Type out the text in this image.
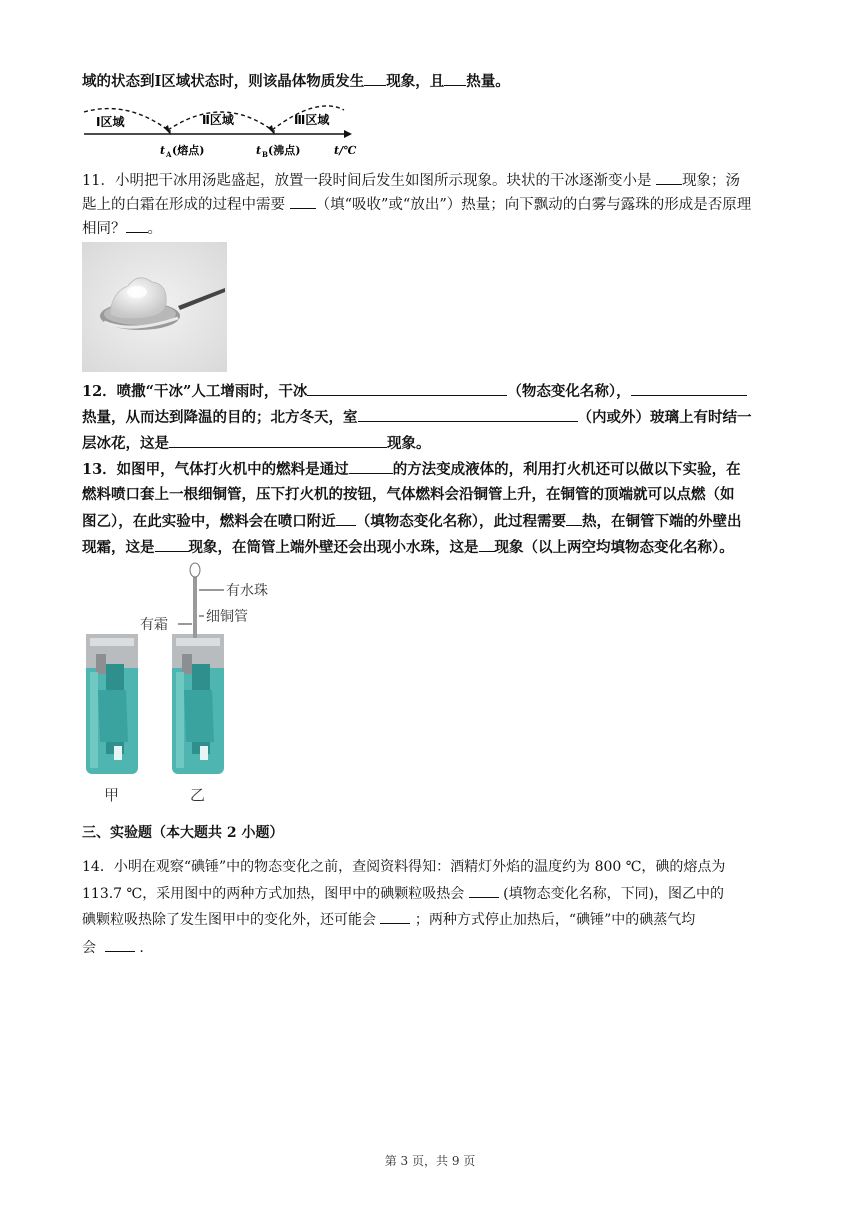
域的状态到Ⅰ区域状态时，则该晶体物质发生 现象，且 热量。
Ⅰ区域	Ⅱ区域	Ⅲ区域
t A (熔点)	t B (沸点)	t/℃
11．小明把干冰用汤匙盛起，放置一段时间后发生如图所示现象。块状的干冰逐渐变小是 现象；汤
匙上的白霜在形成的过程中需要 （填“吸收”或“放出”）热量；向下飘动的白雾与露珠的形成是否原理
相同？ 。
12．喷撒“干冰”人工增雨时，干冰	（物态变化名称），
热量，从而达到降温的目的；北方冬天，室	（内或外）玻璃上有时结一
层冰花，这是	现象。
13．如图甲，气体打火机中的燃料是通过	的方法变成液体的，利用打火机还可以做以下实验，在
燃料喷口套上一根细铜管，压下打火机的按钮，气体燃料会沿铜管上升，在铜管的顶端就可以点燃（如
图乙），在此实验中，燃料会在喷口附近 （填物态变化名称），此过程需要 热，在铜管下端的外壁出
现霜，这是 现象，在筒管上端外壁还会出现小水珠，这是 现象（以上两空均填物态变化名称）。
有水珠
细铜管
有霜
甲	乙
三、实验题（本大题共 2 小题）
14．小明在观察“碘锤”中的物态变化之前，查阅资料得知：酒精灯外焰的温度约为 800 ℃，碘的熔点为
113.7 ℃，采用图中的两种方式加热，图甲中的碘颗粒吸热会	(填物态变化名称，下同)，图乙中的
碘颗粒吸热除了发生图甲中的变化外，还可能会	；两种方式停止加热后，“碘锤”中的碘蒸气均
会	.
第 3 页，共 9 页
